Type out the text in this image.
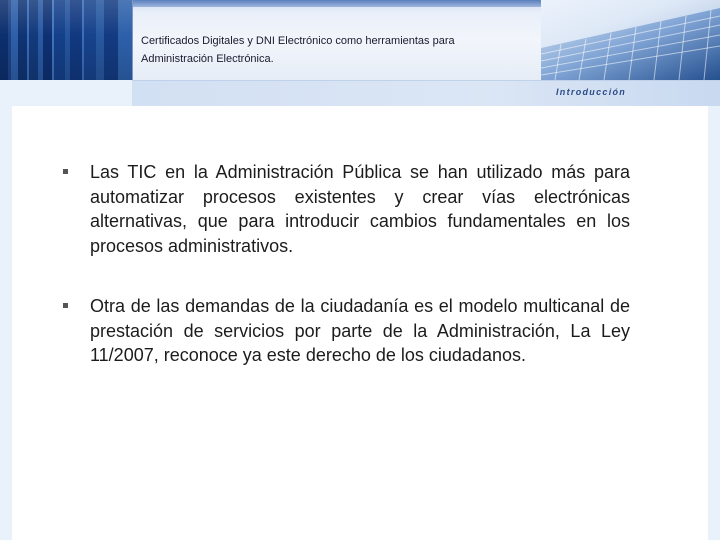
Certificados Digitales y DNI Electrónico como herramientas para
Administración Electrónica.
Introducción
Las TIC en la Administración Pública se han utilizado más para automatizar procesos existentes y crear vías electrónicas alternativas, que para introducir cambios fundamentales en los procesos administrativos.
Otra de las demandas de la ciudadanía es el modelo multicanal de prestación de servicios por parte de la Administración, La Ley 11/2007, reconoce ya este derecho de los ciudadanos.
